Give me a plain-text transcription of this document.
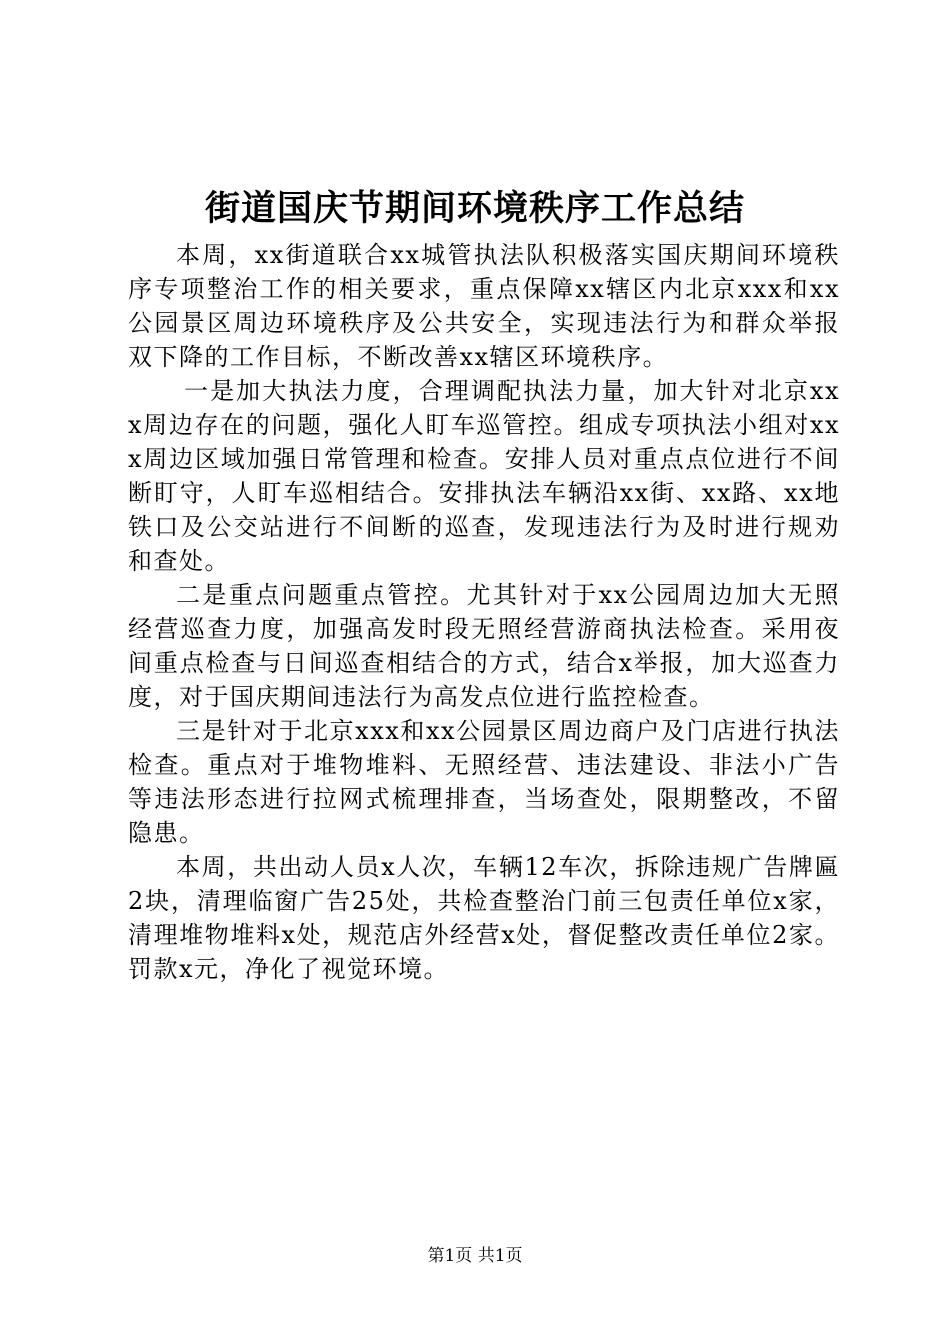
街道国庆节期间环境秩序工作总结

本周，xx街道联合xx城管执法队积极落实国庆期间环境秩序专项整治工作的相关要求，重点保障xx辖区内北京xxx和xx公园景区周边环境秩序及公共安全，实现违法行为和群众举报双下降的工作目标，不断改善xx辖区环境秩序。

一是加大执法力度，合理调配执法力量，加大针对北京xxx周边存在的问题，强化人盯车巡管控。组成专项执法小组对xxx周边区域加强日常管理和检查。安排人员对重点点位进行不间断盯守，人盯车巡相结合。安排执法车辆沿xx街、xx路、xx地铁口及公交站进行不间断的巡查，发现违法行为及时进行规劝和查处。

二是重点问题重点管控。尤其针对于xx公园周边加大无照经营巡查力度，加强高发时段无照经营游商执法检查。采用夜间重点检查与日间巡查相结合的方式，结合x举报，加大巡查力度，对于国庆期间违法行为高发点位进行监控检查。

三是针对于北京xxx和xx公园景区周边商户及门店进行执法检查。重点对于堆物堆料、无照经营、违法建设、非法小广告等违法形态进行拉网式梳理排查，当场查处，限期整改，不留隐患。

本周，共出动人员x人次，车辆12车次，拆除违规广告牌匾2块，清理临窗广告25处，共检查整治门前三包责任单位x家，清理堆物堆料x处，规范店外经营x处，督促整改责任单位2家。罚款x元，净化了视觉环境。

第1页 共1页
